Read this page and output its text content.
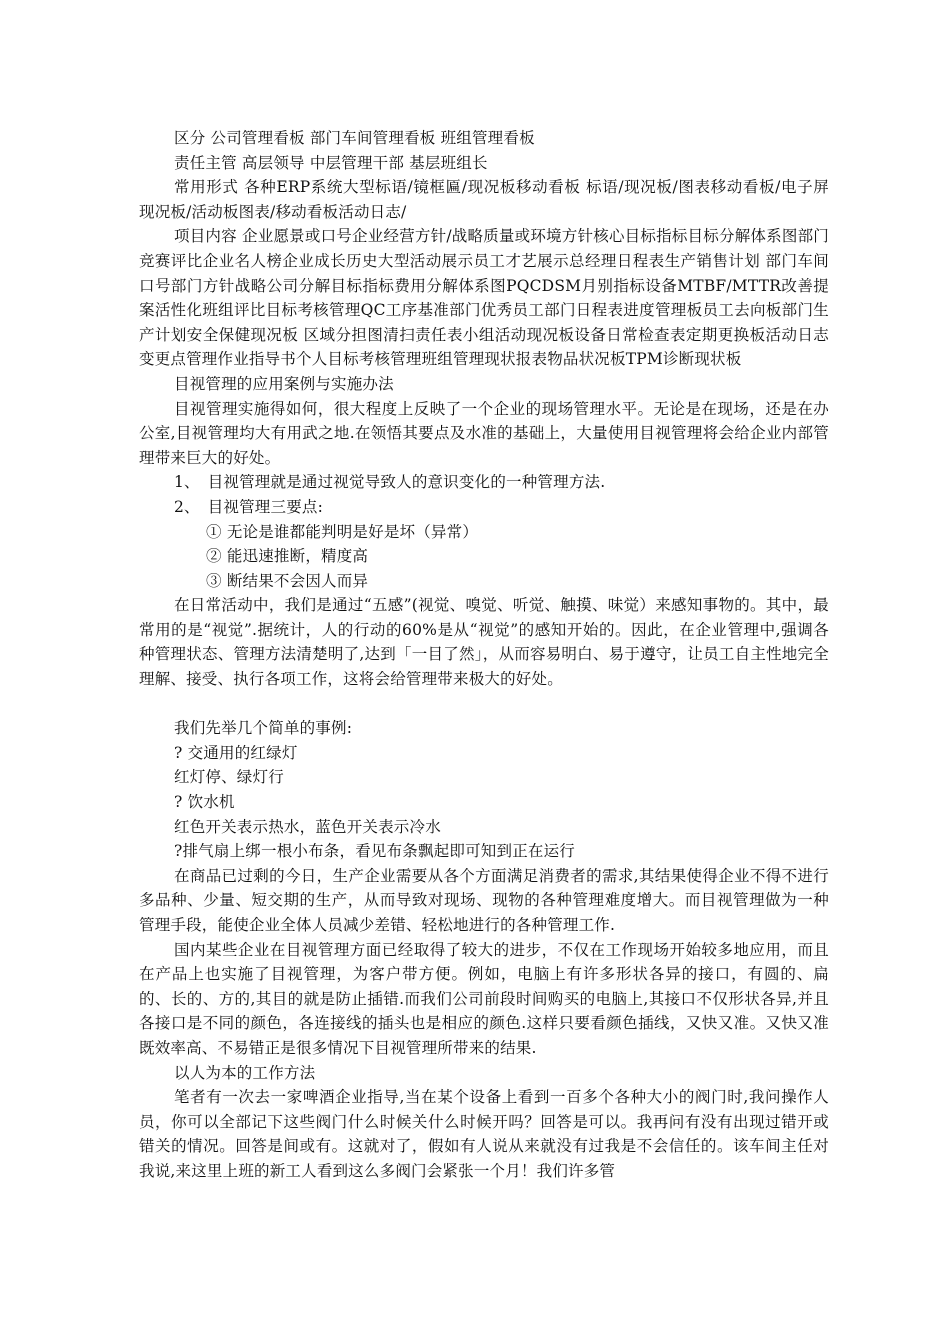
区分 公司管理看板 部门车间管理看板 班组管理看板

责任主管 高层领导 中层管理干部 基层班组长

常用形式 各种ERP系统大型标语/镜框匾/现况板移动看板 标语/现况板/图表移动看板/电子屏 现况板/活动板图表/移动看板活动日志/

项目内容 企业愿景或口号企业经营方针/战略质量或环境方针核心目标指标目标分解体系图部门竞赛评比企业名人榜企业成长历史大型活动展示员工才艺展示总经理日程表生产销售计划 部门车间口号部门方针战略公司分解目标指标费用分解体系图PQCDSM月别指标设备MTBF/MTTR改善提案活性化班组评比目标考核管理QC工序基准部门优秀员工部门日程表进度管理板员工去向板部门生产计划安全保健现况板 区域分担图清扫责任表小组活动现况板设备日常检查表定期更换板活动日志变更点管理作业指导书个人目标考核管理班组管理现状报表物品状况板TPM诊断现状板

目视管理的应用案例与实施办法

目视管理实施得如何，很大程度上反映了一个企业的现场管理水平。无论是在现场，还是在办公室,目视管理均大有用武之地.在领悟其要点及水准的基础上，大量使用目视管理将会给企业内部管理带来巨大的好处。

1、　目视管理就是通过视觉导致人的意识变化的一种管理方法.

2、　目视管理三要点:

① 无论是谁都能判明是好是坏（异常）

② 能迅速推断，精度高

③ 断结果不会因人而异

在日常活动中，我们是通过“五感”(视觉、嗅觉、听觉、触摸、味觉）来感知事物的。其中，最常用的是“视觉”.据统计，人的行动的60%是从“视觉”的感知开始的。因此，在企业管理中,强调各种管理状态、管理方法清楚明了,达到「一目了然」，从而容易明白、易于遵守，让员工自主性地完全理解、接受、执行各项工作，这将会给管理带来极大的好处。

我们先举几个简单的事例:

? 交通用的红绿灯

红灯停、绿灯行

? 饮水机

红色开关表示热水，蓝色开关表示冷水

?排气扇上绑一根小布条，看见布条飘起即可知到正在运行

在商品已过剩的今日，生产企业需要从各个方面满足消费者的需求,其结果使得企业不得不进行多品种、少量、短交期的生产，从而导致对现场、现物的各种管理难度增大。而目视管理做为一种管理手段，能使企业全体人员减少差错、轻松地进行的各种管理工作.

国内某些企业在目视管理方面已经取得了较大的进步，不仅在工作现场开始较多地应用，而且在产品上也实施了目视管理，为客户带方便。例如，电脑上有许多形状各异的接口，有圆的、扁的、长的、方的,其目的就是防止插错.而我们公司前段时间购买的电脑上,其接口不仅形状各异,并且各接口是不同的颜色，各连接线的插头也是相应的颜色.这样只要看颜色插线，又快又准。又快又准既效率高、不易错正是很多情况下目视管理所带来的结果.

以人为本的工作方法

笔者有一次去一家啤酒企业指导,当在某个设备上看到一百多个各种大小的阀门时,我问操作人员，你可以全部记下这些阀门什么时候关什么时候开吗？回答是可以。我再问有没有出现过错开或错关的情况。回答是间或有。这就对了，假如有人说从来就没有过我是不会信任的。该车间主任对我说,来这里上班的新工人看到这么多阀门会紧张一个月！我们许多管
